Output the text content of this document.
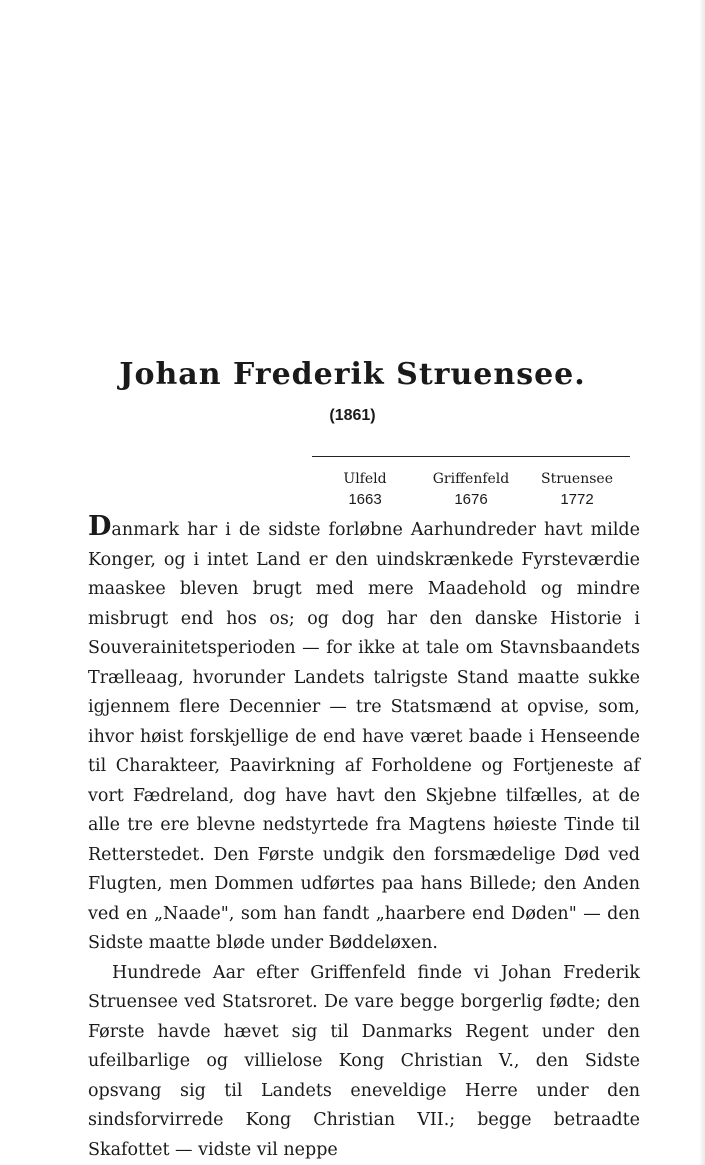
Johan Frederik Struensee.
(1861)
Ulfeld	Griffenfeld	Struensee
1663	1676	1772

Danmark har i de sidste forløbne Aarhundreder havt milde Konger, og i intet Land er den uindskrænkede Fyrsteværdie maaskee bleven brugt med mere Maadehold og mindre misbrugt end hos os; og dog har den danske Historie i Souverainitetsperioden — for ikke at tale om Stavnsbaandets Trælleaag, hvorunder Landets talrigste Stand maatte sukke igjennem flere Decennier — tre Statsmænd at opvise, som, ihvor høist forskjellige de end have været baade i Henseende til Charakteer, Paavirkning af Forholdene og Fortjeneste af vort Fædreland, dog have havt den Skjebne tilfælles, at de alle tre ere blevne nedstyrtede fra Magtens høieste Tinde til Retterstedet. Den Første undgik den forsmædelige Død ved Flugten, men Dommen udførtes paa hans Billede; den Anden ved en „Naade", som han fandt „haarbere end Døden" — den Sidste maatte bløde under Bøddeløxen.

Hundrede Aar efter Griffenfeld finde vi Johan Frederik Struensee ved Statsroret. De vare begge borgerlig fødte; den Første havde hævet sig til Danmarks Regent under den ufeilbarlige og villielose Kong Christian V., den Sidste opsvang sig til Landets eneveldige Herre under den sindsforvirrede Kong Christian VII.; begge betraadte Skafottet — vidste vil neppe
